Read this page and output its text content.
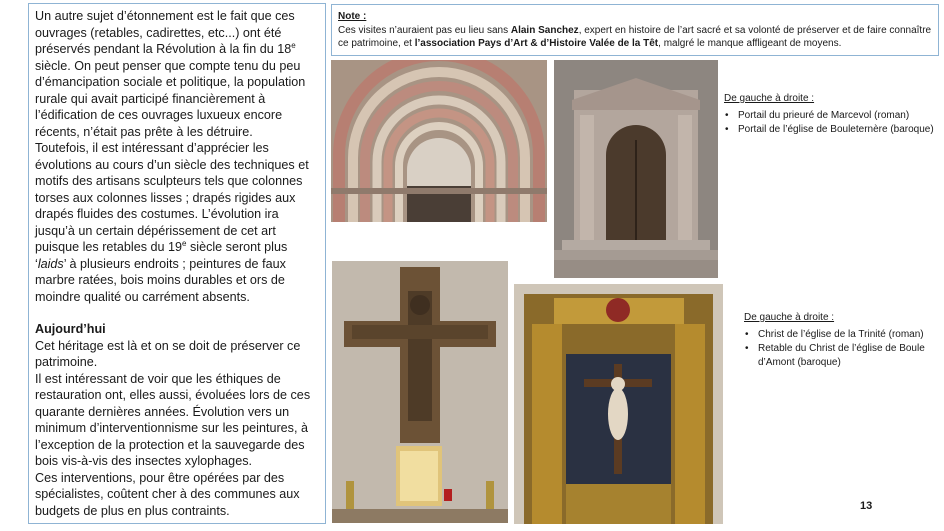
Un autre sujet d’étonnement est le fait que ces ouvrages (retables, cadirettes, etc...) ont été préservés pendant la Révolution à la fin du 18e siècle. On peut penser que compte tenu du peu d’émancipation sociale et politique, la population rurale qui avait participé financièrement à l’édification de ces ouvrages luxueux encore récents, n’était pas prête à les détruire.

Toutefois, il est intéressant d’apprécier les évolutions au cours d’un siècle des techniques et motifs des artisans sculpteurs tels que colonnes torses aux colonnes lisses ; drapés rigides aux drapés fluides des costumes. L’évolution ira jusqu’à un certain dépérissement de cet art puisque les retables du 19e siècle seront plus ‘laids’ à plusieurs endroits ; peintures de faux marbre ratées, bois moins durables et ors de moindre qualité ou carrément absents.

Aujourd’hui

Cet héritage est là et on se doit de préserver ce patrimoine.

Il est intéressant de voir que les éthiques de restauration ont, elles aussi, évoluées lors de ces quarante dernières années. Évolution vers un minimum d’interventionnisme sur les peintures, à l’exception de la protection et la sauvegarde des bois vis-à-vis des insectes xylophages.

Ces interventions, pour être opérées par des spécialistes, coûtent cher à des communes aux budgets de plus en plus contraints.

Note :
Ces visites n’auraient pas eu lieu sans Alain Sanchez, expert en histoire de l’art sacré et sa volonté de préserver et de faire connaître ce patrimoine, et l’association Pays d’Art & d’Histoire Valée de la Têt, malgré le manque affligeant de moyens.
De gauche à droite :
• Portail du prieuré de Marcevol (roman)
• Portail de l’église de Bouleternère (baroque)
De gauche à droite :
• Christ de l’église de la Trinité (roman)
• Retable du Christ de l’église de Boule d’Amont (baroque)
13
